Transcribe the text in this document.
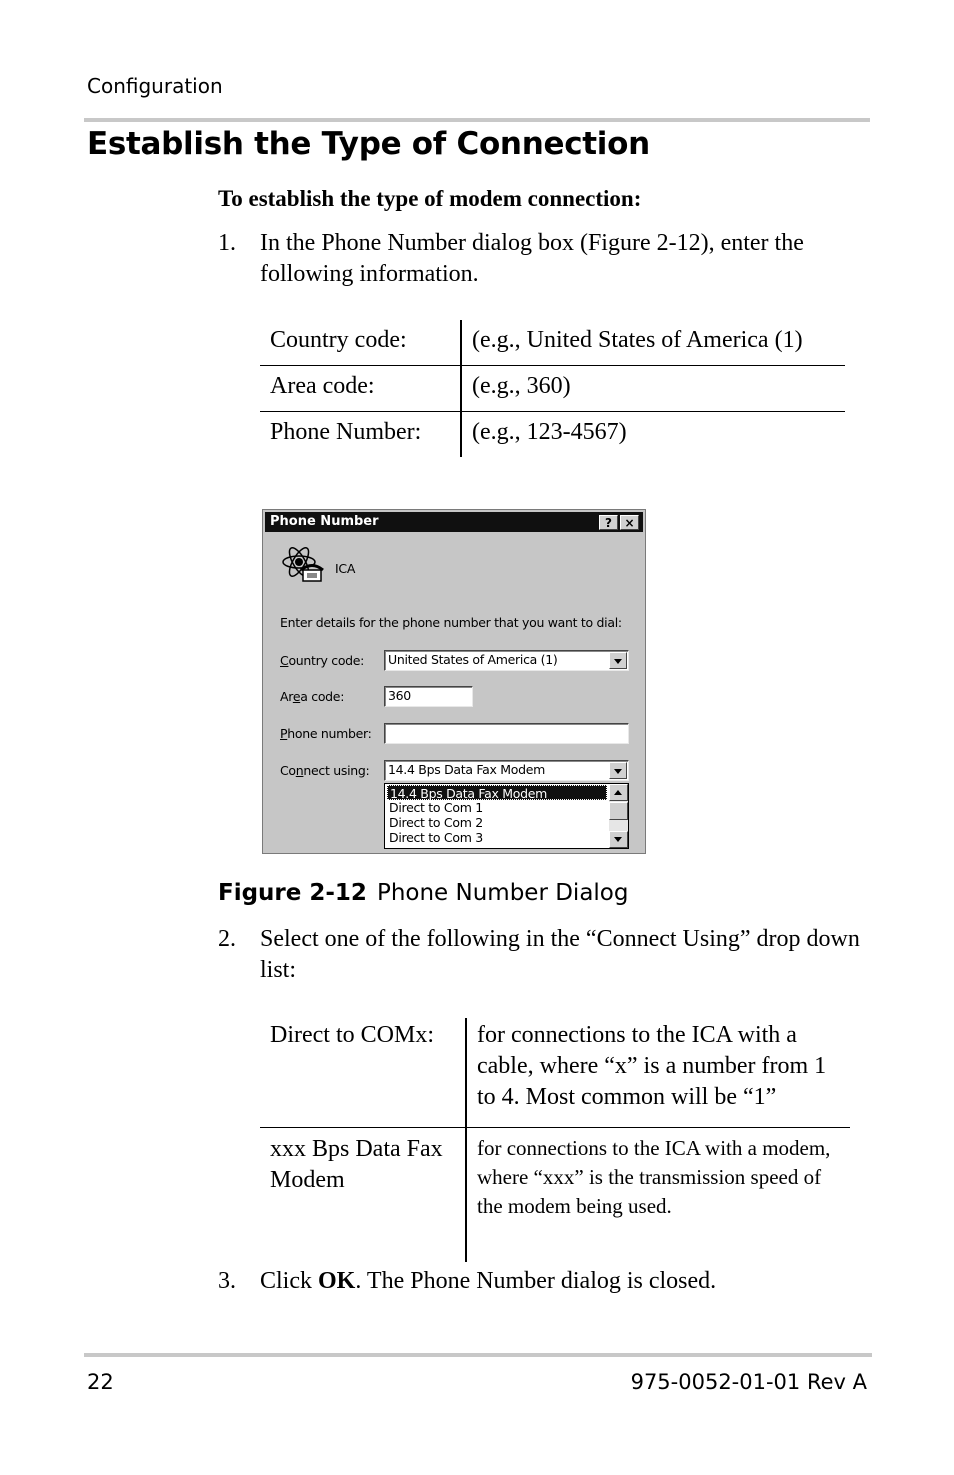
Configuration
Establish the Type of Connection
To establish the type of modem connection:
1. In the Phone Number dialog box (Figure 2-12), enter the following information.
Country code:	(e.g., United States of America (1)
Area code:	(e.g., 360)
Phone Number:	(e.g., 123-4567)
Phone Number	?	×
ICA
Enter details for the phone number that you want to dial:
Country code:	United States of America (1)
Area code:	360
Phone number:
Connect using:	14.4 Bps Data Fax Modem
14.4 Bps Data Fax Modem
Direct to Com 1
Direct to Com 2
Direct to Com 3
Figure 2-12 Phone Number Dialog
2. Select one of the following in the “Connect Using” drop down list:
Direct to COMx:	for connections to the ICA with a cable, where “x” is a number from 1 to 4. Most common will be “1”
xxx Bps Data Fax Modem	for connections to the ICA with a modem, where “xxx” is the transmission speed of the modem being used.
3. Click OK. The Phone Number dialog is closed.
22	975-0052-01-01 Rev A
